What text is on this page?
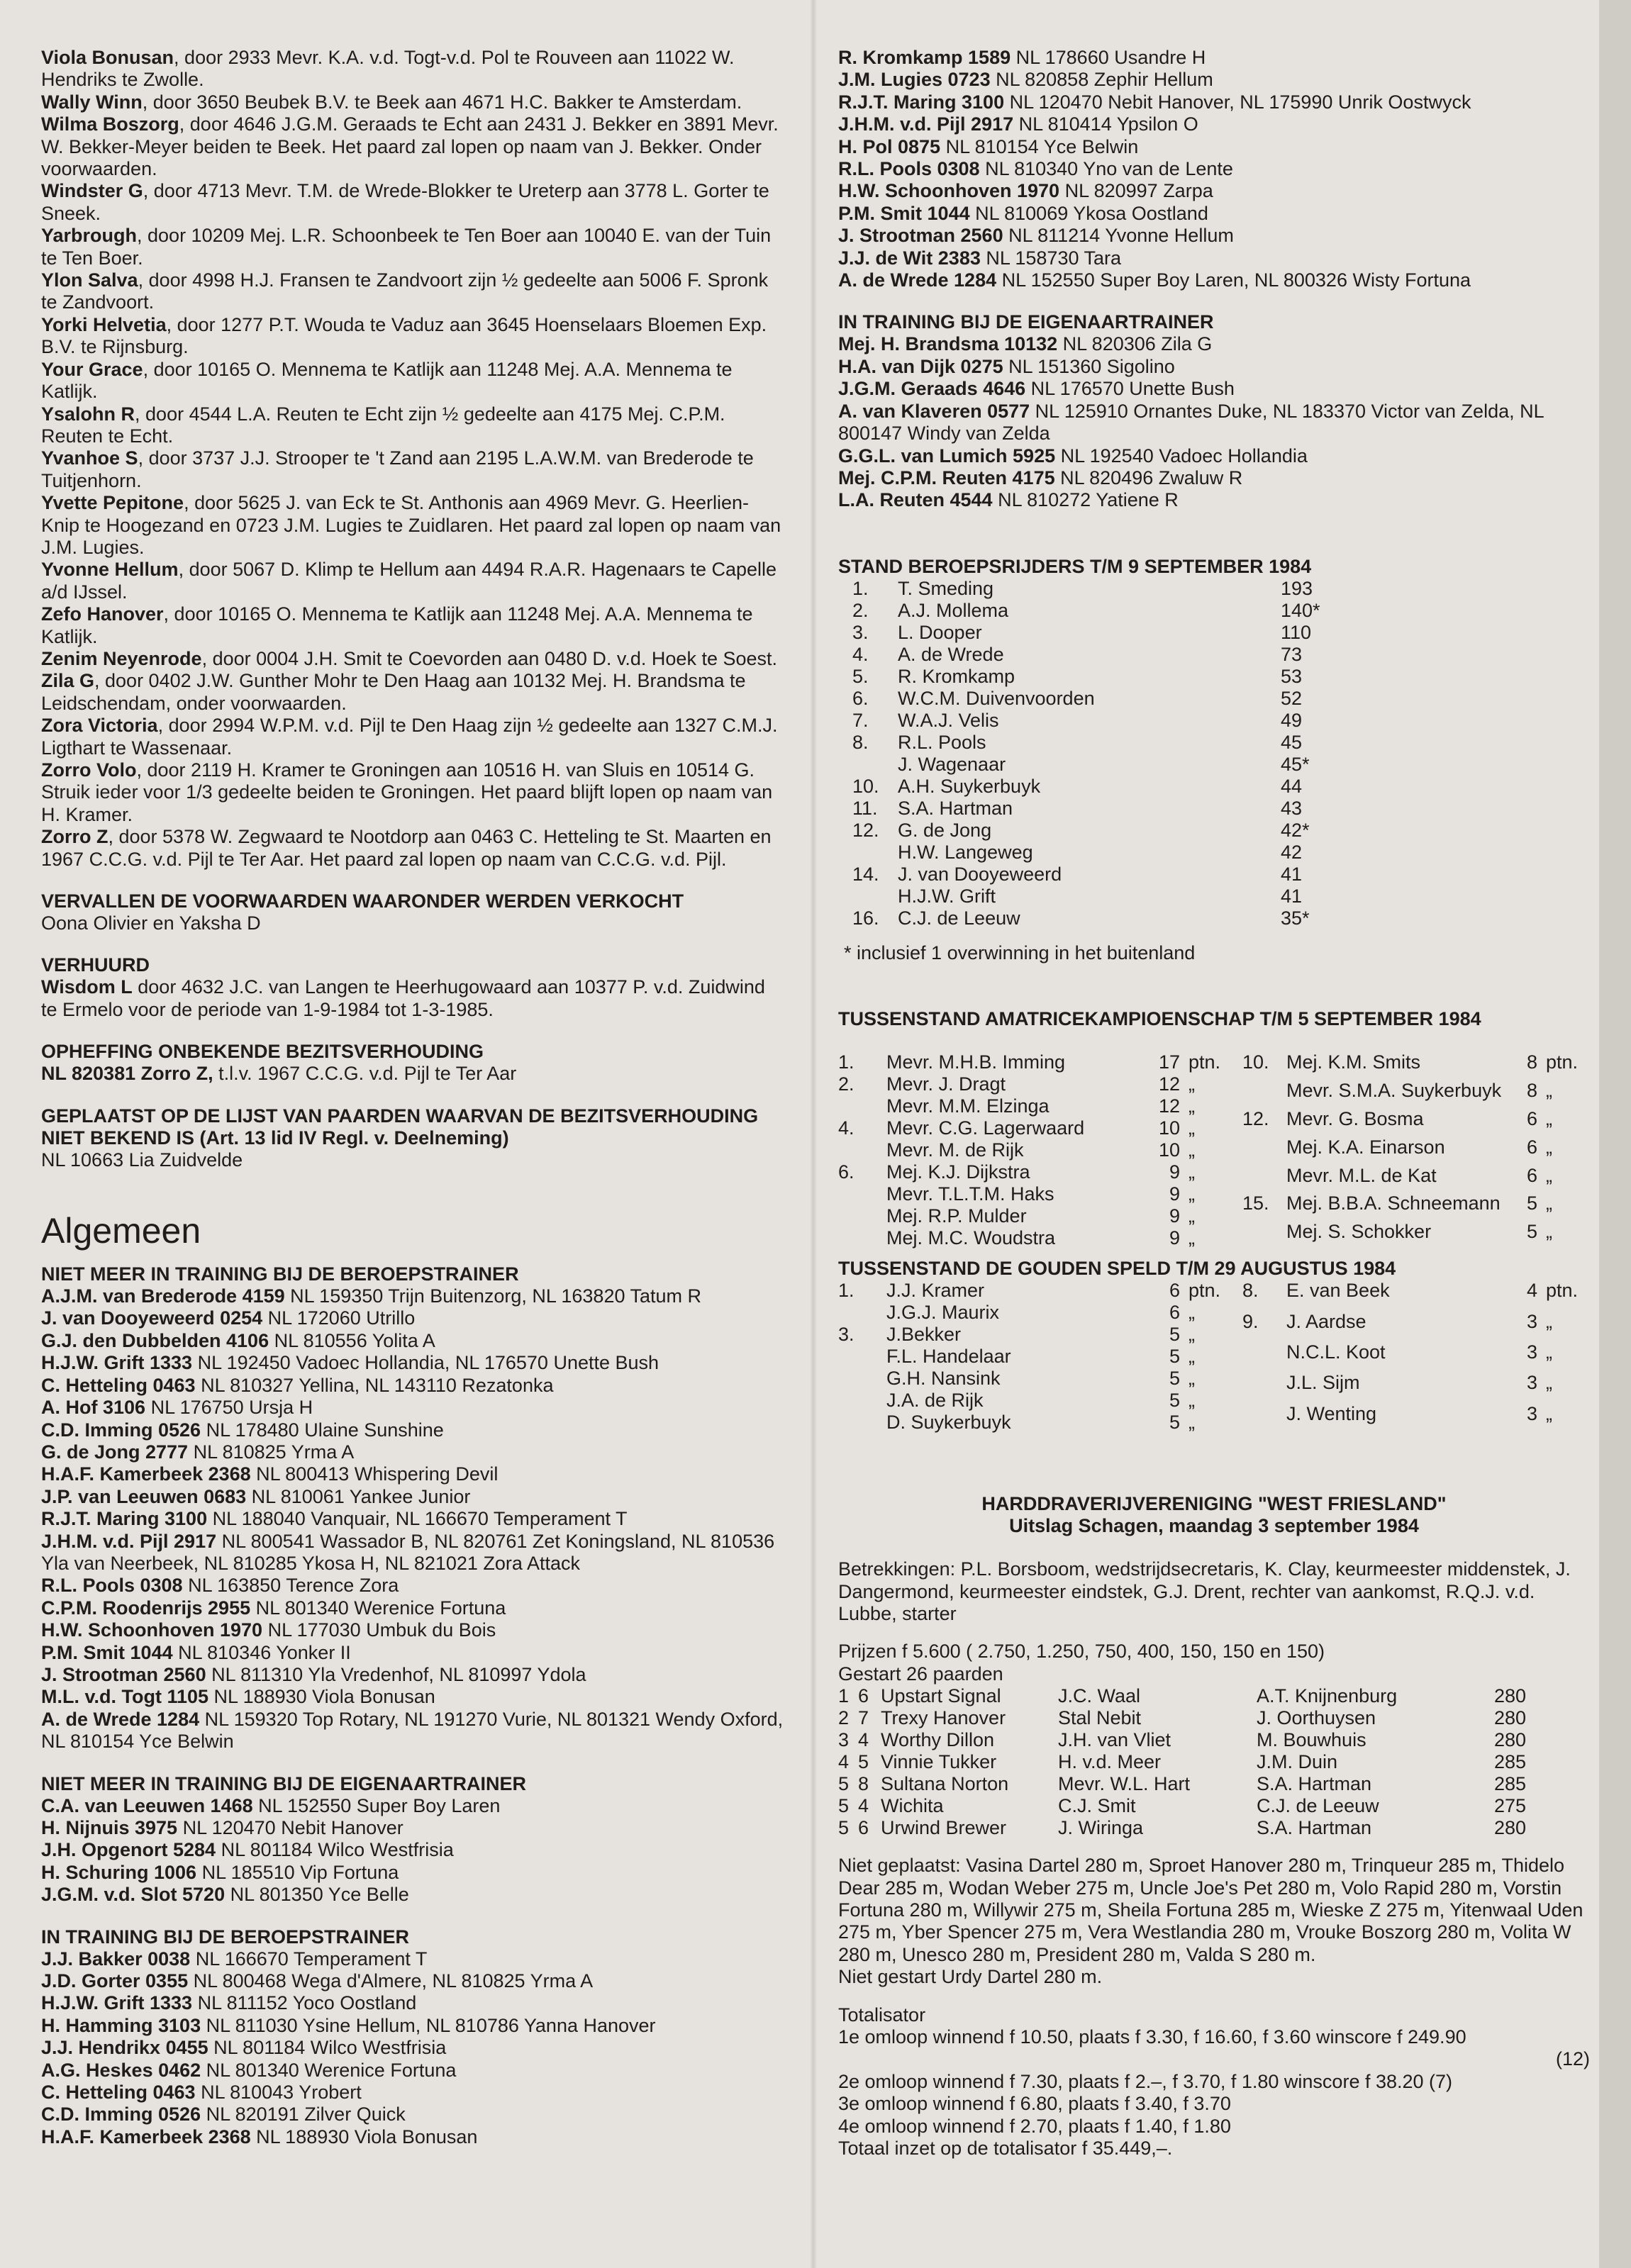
Viola Bonusan, door 2933 Mevr. K.A. v.d. Togt-v.d. Pol te Rouveen aan 11022 W. Hendriks te Zwolle.

Wally Winn, door 3650 Beubek B.V. te Beek aan 4671 H.C. Bakker te Amsterdam.

Wilma Boszorg, door 4646 J.G.M. Geraads te Echt aan 2431 J. Bekker en 3891 Mevr. W. Bekker-Meyer beiden te Beek. Het paard zal lopen op naam van J. Bekker. Onder voorwaarden.

Windster G, door 4713 Mevr. T.M. de Wrede-Blokker te Ureterp aan 3778 L. Gorter te Sneek.

Yarbrough, door 10209 Mej. L.R. Schoonbeek te Ten Boer aan 10040 E. van der Tuin te Ten Boer.

Ylon Salva, door 4998 H.J. Fransen te Zandvoort zijn ½ gedeelte aan 5006 F. Spronk te Zandvoort.

Yorki Helvetia, door 1277 P.T. Wouda te Vaduz aan 3645 Hoenselaars Bloemen Exp. B.V. te Rijnsburg.

Your Grace, door 10165 O. Mennema te Katlijk aan 11248 Mej. A.A. Mennema te Katlijk.

Ysalohn R, door 4544 L.A. Reuten te Echt zijn ½ gedeelte aan 4175 Mej. C.P.M. Reuten te Echt.

Yvanhoe S, door 3737 J.J. Strooper te 't Zand aan 2195 L.A.W.M. van Brederode te Tuitjenhorn.

Yvette Pepitone, door 5625 J. van Eck te St. Anthonis aan 4969 Mevr. G. Heerlien-Knip te Hoogezand en 0723 J.M. Lugies te Zuidlaren. Het paard zal lopen op naam van J.M. Lugies.

Yvonne Hellum, door 5067 D. Klimp te Hellum aan 4494 R.A.R. Hagenaars te Capelle a/d IJssel.

Zefo Hanover, door 10165 O. Mennema te Katlijk aan 11248 Mej. A.A. Mennema te Katlijk.

Zenim Neyenrode, door 0004 J.H. Smit te Coevorden aan 0480 D. v.d. Hoek te Soest.

Zila G, door 0402 J.W. Gunther Mohr te Den Haag aan 10132 Mej. H. Brandsma te Leidschendam, onder voorwaarden.

Zora Victoria, door 2994 W.P.M. v.d. Pijl te Den Haag zijn ½ gedeelte aan 1327 C.M.J. Ligthart te Wassenaar.

Zorro Volo, door 2119 H. Kramer te Groningen aan 10516 H. van Sluis en 10514 G. Struik ieder voor 1/3 gedeelte beiden te Groningen. Het paard blijft lopen op naam van H. Kramer.

Zorro Z, door 5378 W. Zegwaard te Nootdorp aan 0463 C. Hetteling te St. Maarten en 1967 C.C.G. v.d. Pijl te Ter Aar. Het paard zal lopen op naam van C.C.G. v.d. Pijl.

VERVALLEN DE VOORWAARDEN WAARONDER WERDEN VERKOCHT

Oona Olivier en Yaksha D

VERHUURD

Wisdom L door 4632 J.C. van Langen te Heerhugowaard aan 10377 P. v.d. Zuidwind te Ermelo voor de periode van 1-9-1984 tot 1-3-1985.

OPHEFFING ONBEKENDE BEZITSVERHOUDING

NL 820381 Zorro Z, t.l.v. 1967 C.C.G. v.d. Pijl te Ter Aar

GEPLAATST OP DE LIJST VAN PAARDEN WAARVAN DE BEZITSVERHOUDING NIET BEKEND IS (Art. 13 lid IV Regl. v. Deelneming)

NL 10663 Lia Zuidvelde

Algemeen

NIET MEER IN TRAINING BIJ DE BEROEPSTRAINER

A.J.M. van Brederode 4159 NL 159350 Trijn Buitenzorg, NL 163820 Tatum R

J. van Dooyeweerd 0254 NL 172060 Utrillo

G.J. den Dubbelden 4106 NL 810556 Yolita A

H.J.W. Grift 1333 NL 192450 Vadoec Hollandia, NL 176570 Unette Bush

C. Hetteling 0463 NL 810327 Yellina, NL 143110 Rezatonka

A. Hof 3106 NL 176750 Ursja H

C.D. Imming 0526 NL 178480 Ulaine Sunshine

G. de Jong 2777 NL 810825 Yrma A

H.A.F. Kamerbeek 2368 NL 800413 Whispering Devil

J.P. van Leeuwen 0683 NL 810061 Yankee Junior

R.J.T. Maring 3100 NL 188040 Vanquair, NL 166670 Temperament T

J.H.M. v.d. Pijl 2917 NL 800541 Wassador B, NL 820761 Zet Koningsland, NL 810536 Yla van Neerbeek, NL 810285 Ykosa H, NL 821021 Zora Attack

R.L. Pools 0308 NL 163850 Terence Zora

C.P.M. Roodenrijs 2955 NL 801340 Werenice Fortuna

H.W. Schoonhoven 1970 NL 177030 Umbuk du Bois

P.M. Smit 1044 NL 810346 Yonker II

J. Strootman 2560 NL 811310 Yla Vredenhof, NL 810997 Ydola

M.L. v.d. Togt 1105 NL 188930 Viola Bonusan

A. de Wrede 1284 NL 159320 Top Rotary, NL 191270 Vurie, NL 801321 Wendy Oxford, NL 810154 Yce Belwin

NIET MEER IN TRAINING BIJ DE EIGENAARTRAINER

C.A. van Leeuwen 1468 NL 152550 Super Boy Laren

H. Nijnuis 3975 NL 120470 Nebit Hanover

J.H. Opgenort 5284 NL 801184 Wilco Westfrisia

H. Schuring 1006 NL 185510 Vip Fortuna

J.G.M. v.d. Slot 5720 NL 801350 Yce Belle

IN TRAINING BIJ DE BEROEPSTRAINER

J.J. Bakker 0038 NL 166670 Temperament T

J.D. Gorter 0355 NL 800468 Wega d'Almere, NL 810825 Yrma A

H.J.W. Grift 1333 NL 811152 Yoco Oostland

H. Hamming 3103 NL 811030 Ysine Hellum, NL 810786 Yanna Hanover

J.J. Hendrikx 0455 NL 801184 Wilco Westfrisia

A.G. Heskes 0462 NL 801340 Werenice Fortuna

C. Hetteling 0463 NL 810043 Yrobert

C.D. Imming 0526 NL 820191 Zilver Quick

H.A.F. Kamerbeek 2368 NL 188930 Viola Bonusan

R. Kromkamp 1589 NL 178660 Usandre H

J.M. Lugies 0723 NL 820858 Zephir Hellum

R.J.T. Maring 3100 NL 120470 Nebit Hanover, NL 175990 Unrik Oostwyck

J.H.M. v.d. Pijl 2917 NL 810414 Ypsilon O

H. Pol 0875 NL 810154 Yce Belwin

R.L. Pools 0308 NL 810340 Yno van de Lente

H.W. Schoonhoven 1970 NL 820997 Zarpa

P.M. Smit 1044 NL 810069 Ykosa Oostland

J. Strootman 2560 NL 811214 Yvonne Hellum

J.J. de Wit 2383 NL 158730 Tara

A. de Wrede 1284 NL 152550 Super Boy Laren, NL 800326 Wisty Fortuna

IN TRAINING BIJ DE EIGENAARTRAINER

Mej. H. Brandsma 10132 NL 820306 Zila G

H.A. van Dijk 0275 NL 151360 Sigolino

J.G.M. Geraads 4646 NL 176570 Unette Bush

A. van Klaveren 0577 NL 125910 Ornantes Duke, NL 183370 Victor van Zelda, NL 800147 Windy van Zelda

G.G.L. van Lumich 5925 NL 192540 Vadoec Hollandia

Mej. C.P.M. Reuten 4175 NL 820496 Zwaluw R

L.A. Reuten 4544 NL 810272 Yatiene R

STAND BEROEPSRIJDERS T/M 9 SEPTEMBER 1984

1.	T. Smeding	193
2.	A.J. Mollema	140*
3.	L. Dooper	110
4.	A. de Wrede	73
5.	R. Kromkamp	53
6.	W.C.M. Duivenvoorden	52
7.	W.A.J. Velis	49
8.	R.L. Pools	45
	J. Wagenaar	45*
10.	A.H. Suykerbuyk	44
11.	S.A. Hartman	43
12.	G. de Jong	42*
	H.W. Langeweg	42
14.	J. van Dooyeweerd	41
	H.J.W. Grift	41
16.	C.J. de Leeuw	35*

* inclusief 1 overwinning in het buitenland

TUSSENSTAND AMATRICEKAMPIOENSCHAP T/M 5 SEPTEMBER 1984

1.	Mevr. M.H.B. Imming	17	ptn.
2.	Mevr. J. Dragt	12	„
	Mevr. M.M. Elzinga	12	„
4.	Mevr. C.G. Lagerwaard	10	„
	Mevr. M. de Rijk	10	„
6.	Mej. K.J. Dijkstra	9	„
	Mevr. T.L.T.M. Haks	9	„
	Mej. R.P. Mulder	9	„
	Mej. M.C. Woudstra	9	„
10.	Mej. K.M. Smits	8	ptn.
	Mevr. S.M.A. Suykerbuyk	8	„
12.	Mevr. G. Bosma	6	„
	Mej. K.A. Einarson	6	„
	Mevr. M.L. de Kat	6	„
15.	Mej. B.B.A. Schneemann	5	„
	Mej. S. Schokker	5	„

TUSSENSTAND DE GOUDEN SPELD T/M 29 AUGUSTUS 1984

1.	J.J. Kramer	6	ptn.
	J.G.J. Maurix	6	„
3.	J.Bekker	5	„
	F.L. Handelaar	5	„
	G.H. Nansink	5	„
	J.A. de Rijk	5	„
	D. Suykerbuyk	5	„
8.	E. van Beek	4	ptn.
9.	J. Aardse	3	„
	N.C.L. Koot	3	„
	J.L. Sijm	3	„
	J. Wenting	3	„

HARDDRAVERIJVERENIGING "WEST FRIESLAND"

Uitslag Schagen, maandag 3 september 1984

Betrekkingen: P.L. Borsboom, wedstrijdsecretaris, K. Clay, keurmeester middenstek, J. Dangermond, keurmeester eindstek, G.J. Drent, rechter van aankomst, R.Q.J. v.d. Lubbe, starter

Prijzen f 5.600 ( 2.750, 1.250, 750, 400, 150, 150 en 150)

Gestart 26 paarden

1	6	Upstart Signal	J.C. Waal	A.T. Knijnenburg	280
2	7	Trexy Hanover	Stal Nebit	J. Oorthuysen	280
3	4	Worthy Dillon	J.H. van Vliet	M. Bouwhuis	280
4	5	Vinnie Tukker	H. v.d. Meer	J.M. Duin	285
5	8	Sultana Norton	Mevr. W.L. Hart	S.A. Hartman	285
5	4	Wichita	C.J. Smit	C.J. de Leeuw	275
5	6	Urwind Brewer	J. Wiringa	S.A. Hartman	280

Niet geplaatst: Vasina Dartel 280 m, Sproet Hanover 280 m, Trinqueur 285 m, Thidelo Dear 285 m, Wodan Weber 275 m, Uncle Joe's Pet 280 m, Volo Rapid 280 m, Vorstin Fortuna 280 m, Willywir 275 m, Sheila Fortuna 285 m, Wieske Z 275 m, Yitenwaal Uden 275 m, Yber Spencer 275 m, Vera Westlandia 280 m, Vrouke Boszorg 280 m, Volita W 280 m, Unesco 280 m, President 280 m, Valda S 280 m.

Niet gestart Urdy Dartel 280 m.

Totalisator

1e omloop winnend f 10.50, plaats f 3.30, f 16.60, f 3.60 winscore f 249.90

(12)

2e omloop winnend f 7.30, plaats f 2.–, f 3.70, f 1.80 winscore f 38.20 (7)

3e omloop winnend f 6.80, plaats f 3.40, f 3.70

4e omloop winnend f 2.70, plaats f 1.40, f 1.80

Totaal inzet op de totalisator f 35.449,–.
